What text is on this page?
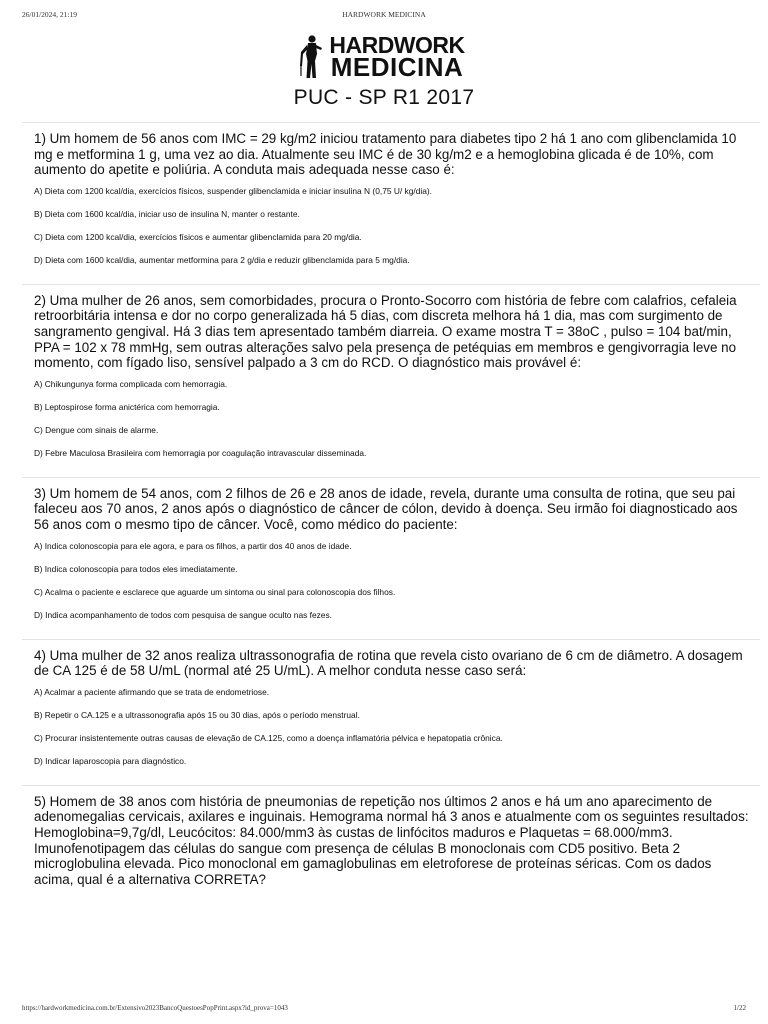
26/01/2024, 21:19	HARDWORK MEDICINA
HARDWORK
MEDICINA
PUC - SP R1 2017

1) Um homem de 56 anos com IMC = 29 kg/m2 iniciou tratamento para diabetes tipo 2 há 1 ano com glibenclamida 10 mg e metformina 1 g, uma vez ao dia. Atualmente seu IMC é de 30 kg/m2 e a hemoglobina glicada é de 10%, com aumento do apetite e poliúria. A conduta mais adequada nesse caso é:

A) Dieta com 1200 kcal/dia, exercícios físicos, suspender glibenclamida e iniciar insulina N (0,75 U/ kg/dia).

B) Dieta com 1600 kcal/dia, iniciar uso de insulina N, manter o restante.

C) Dieta com 1200 kcal/dia, exercícios físicos e aumentar glibenclamida para 20 mg/dia.

D) Dieta com 1600 kcal/dia, aumentar metformina para 2 g/dia e reduzir glibenclamida para 5 mg/dia.

2) Uma mulher de 26 anos, sem comorbidades, procura o Pronto-Socorro com história de febre com calafrios, cefaleia retroorbitária intensa e dor no corpo generalizada há 5 dias, com discreta melhora há 1 dia, mas com surgimento de sangramento gengival. Há 3 dias tem apresentado também diarreia. O exame mostra T = 38oC , pulso = 104 bat/min, PPA = 102 x 78 mmHg, sem outras alterações salvo pela presença de petéquias em membros e gengivorragia leve no momento, com fígado liso, sensível palpado a 3 cm do RCD. O diagnóstico mais provável é:

A) Chikungunya forma complicada com hemorragia.

B) Leptospirose forma anictérica com hemorragia.

C) Dengue com sinais de alarme.

D) Febre Maculosa Brasileira com hemorragia por coagulação intravascular disseminada.

3) Um homem de 54 anos, com 2 filhos de 26 e 28 anos de idade, revela, durante uma consulta de rotina, que seu pai faleceu aos 70 anos, 2 anos após o diagnóstico de câncer de cólon, devido à doença. Seu irmão foi diagnosticado aos 56 anos com o mesmo tipo de câncer. Você, como médico do paciente:

A) Indica colonoscopia para ele agora, e para os filhos, a partir dos 40 anos de idade.

B) Indica colonoscopia para todos eles imediatamente.

C) Acalma o paciente e esclarece que aguarde um sintoma ou sinal para colonoscopia dos filhos.

D) Indica acompanhamento de todos com pesquisa de sangue oculto nas fezes.

4) Uma mulher de 32 anos realiza ultrassonografia de rotina que revela cisto ovariano de 6 cm de diâmetro. A dosagem de CA 125 é de 58 U/mL (normal até 25 U/mL). A melhor conduta nesse caso será:

A) Acalmar a paciente afirmando que se trata de endometriose.

B) Repetir o CA.125 e a ultrassonografia após 15 ou 30 dias, após o período menstrual.

C) Procurar insistentemente outras causas de elevação de CA.125, como a doença inflamatória pélvica e hepatopatia crônica.

D) Indicar laparoscopia para diagnóstico.

5) Homem de 38 anos com história de pneumonias de repetição nos últimos 2 anos e há um ano aparecimento de adenomegalias cervicais, axilares e inguinais. Hemograma normal há 3 anos e atualmente com os seguintes resultados: Hemoglobina=9,7g/dl, Leucócitos: 84.000/mm3 às custas de linfócitos maduros e Plaquetas = 68.000/mm3. Imunofenotipagem das células do sangue com presença de células B monoclonais com CD5 positivo. Beta 2 microglobulina elevada. Pico monoclonal em gamaglobulinas em eletroforese de proteínas séricas. Com os dados acima, qual é a alternativa CORRETA?

https://hardworkmedicina.com.br/Extensivo2023BancoQuestoesPopPrint.aspx?id_prova=1043	1/22
